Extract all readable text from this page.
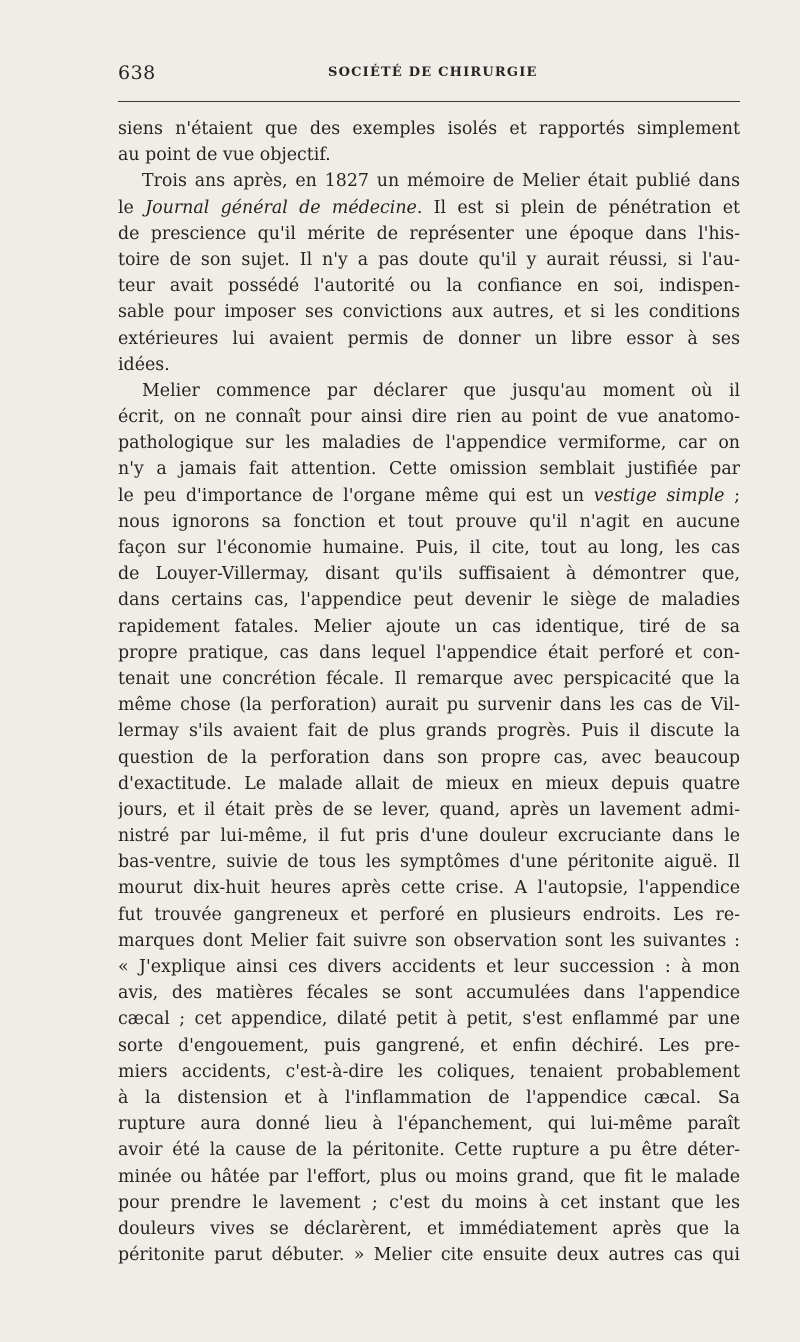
638	SOCIÉTÉ DE CHIRURGIE
siens n'étaient que des exemples isolés et rapportés simplement
au point de vue objectif.
Trois ans après, en 1827 un mémoire de Melier était publié dans
le Journal général de médecine. Il est si plein de pénétration et
de prescience qu'il mérite de représenter une époque dans l'his-
toire de son sujet. Il n'y a pas doute qu'il y aurait réussi, si l'au-
teur avait possédé l'autorité ou la confiance en soi, indispen-
sable pour imposer ses convictions aux autres, et si les conditions
extérieures lui avaient permis de donner un libre essor à ses
idées.
Melier commence par déclarer que jusqu'au moment où il
écrit, on ne connaît pour ainsi dire rien au point de vue anatomo-
pathologique sur les maladies de l'appendice vermiforme, car on
n'y a jamais fait attention. Cette omission semblait justifiée par
le peu d'importance de l'organe même qui est un vestige simple ;
nous ignorons sa fonction et tout prouve qu'il n'agit en aucune
façon sur l'économie humaine. Puis, il cite, tout au long, les cas
de Louyer-Villermay, disant qu'ils suffisaient à démontrer que,
dans certains cas, l'appendice peut devenir le siège de maladies
rapidement fatales. Melier ajoute un cas identique, tiré de sa
propre pratique, cas dans lequel l'appendice était perforé et con-
tenait une concrétion fécale. Il remarque avec perspicacité que la
même chose (la perforation) aurait pu survenir dans les cas de Vil-
lermay s'ils avaient fait de plus grands progrès. Puis il discute la
question de la perforation dans son propre cas, avec beaucoup
d'exactitude. Le malade allait de mieux en mieux depuis quatre
jours, et il était près de se lever, quand, après un lavement admi-
nistré par lui-même, il fut pris d'une douleur excruciante dans le
bas-ventre, suivie de tous les symptômes d'une péritonite aiguë. Il
mourut dix-huit heures après cette crise. A l'autopsie, l'appendice
fut trouvée gangreneux et perforé en plusieurs endroits. Les re-
marques dont Melier fait suivre son observation sont les suivantes :
« J'explique ainsi ces divers accidents et leur succession : à mon
avis, des matières fécales se sont accumulées dans l'appendice
cæcal ; cet appendice, dilaté petit à petit, s'est enflammé par une
sorte d'engouement, puis gangrené, et enfin déchiré. Les pre-
miers accidents, c'est-à-dire les coliques, tenaient probablement
à la distension et à l'inflammation de l'appendice cæcal. Sa
rupture aura donné lieu à l'épanchement, qui lui-même paraît
avoir été la cause de la péritonite. Cette rupture a pu être déter-
minée ou hâtée par l'effort, plus ou moins grand, que fit le malade
pour prendre le lavement ; c'est du moins à cet instant que les
douleurs vives se déclarèrent, et immédiatement après que la
péritonite parut débuter. » Melier cite ensuite deux autres cas qui
